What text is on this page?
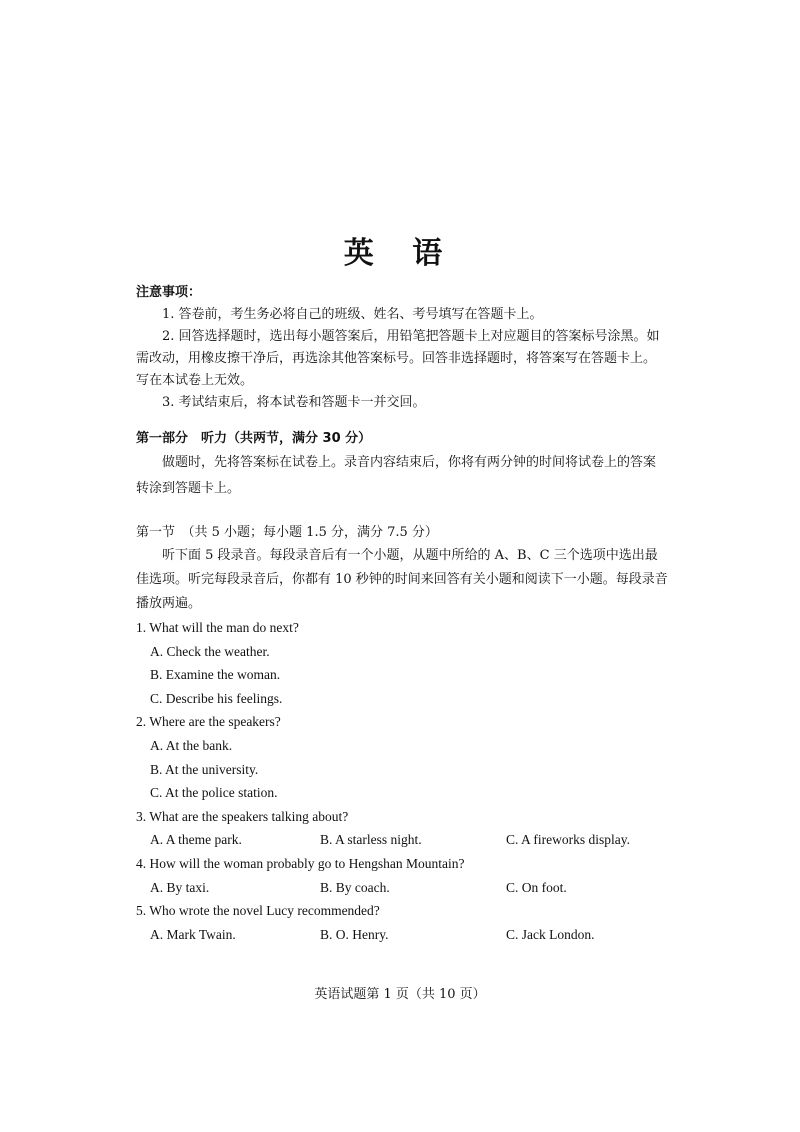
英 语
注意事项：
1. 答卷前，考生务必将自己的班级、姓名、考号填写在答题卡上。
2. 回答选择题时，选出每小题答案后，用铅笔把答题卡上对应题目的答案标号涂黑。如需改动，用橡皮擦干净后，再选涂其他答案标号。回答非选择题时，将答案写在答题卡上。写在本试卷上无效。
3. 考试结束后，将本试卷和答题卡一并交回。
第一部分　听力（共两节，满分 30 分）
做题时，先将答案标在试卷上。录音内容结束后，你将有两分钟的时间将试卷上的答案转涂到答题卡上。
第一节　（共 5 小题；每小题 1.5 分，满分 7.5 分）
听下面 5 段录音。每段录音后有一个小题，从题中所给的 A、B、C 三个选项中选出最佳选项。听完每段录音后，你都有 10 秒钟的时间来回答有关小题和阅读下一小题。每段录音播放两遍。
1. What will the man do next?
A. Check the weather.
B. Examine the woman.
C. Describe his feelings.
2. Where are the speakers?
A. At the bank.
B. At the university.
C. At the police station.
3. What are the speakers talking about?
A. A theme park.	B. A starless night.	C. A fireworks display.
4. How will the woman probably go to Hengshan Mountain?
A. By taxi.	B. By coach.	C. On foot.
5. Who wrote the novel Lucy recommended?
A. Mark Twain.	B. O. Henry.	C. Jack London.
英语试题第 1 页（共 10 页）
